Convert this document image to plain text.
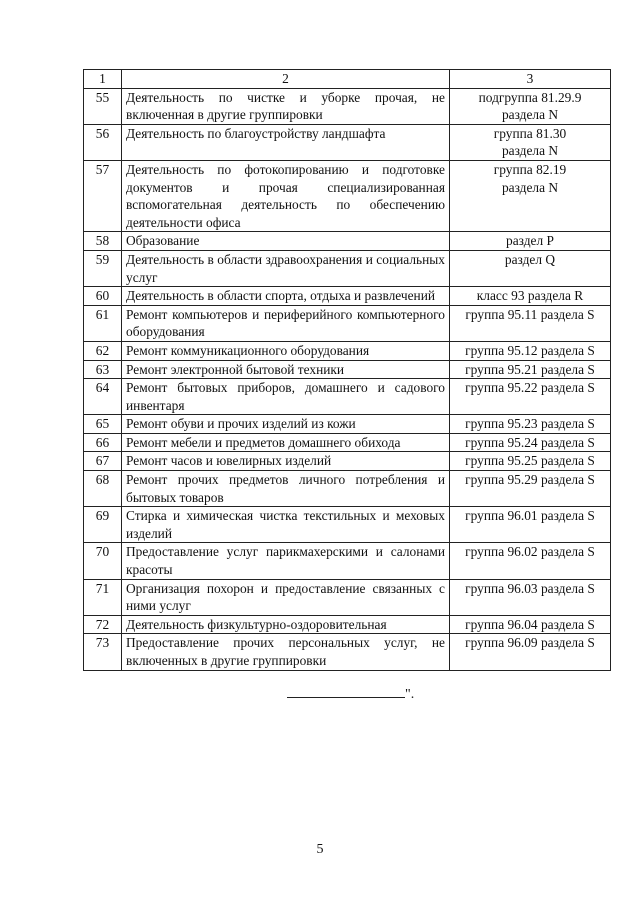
1	2	3
55	Деятельность по чистке и уборке прочая, не включенная в другие группировки	подгруппа 81.29.9
раздела N
56	Деятельность по благоустройству ландшафта	группа 81.30
раздела N
57	Деятельность по фотокопированию и подготовке документов и прочая специализированная вспомогательная деятельность по обеспечению деятельности офиса	группа 82.19
раздела N
58	Образование	раздел P
59	Деятельность в области здравоохранения и социальных услуг	раздел Q
60	Деятельность в области спорта, отдыха и развлечений	класс 93 раздела R
61	Ремонт компьютеров и периферийного компьютерного оборудования	группа 95.11 раздела S
62	Ремонт коммуникационного оборудования	группа 95.12 раздела S
63	Ремонт электронной бытовой техники	группа 95.21 раздела S
64	Ремонт бытовых приборов, домашнего и садового инвентаря	группа 95.22 раздела S
65	Ремонт обуви и прочих изделий из кожи	группа 95.23 раздела S
66	Ремонт мебели и предметов домашнего обихода	группа 95.24 раздела S
67	Ремонт часов и ювелирных изделий	группа 95.25 раздела S
68	Ремонт прочих предметов личного потребления и бытовых товаров	группа 95.29 раздела S
69	Стирка и химическая чистка текстильных и меховых изделий	группа 96.01 раздела S
70	Предоставление услуг парикмахерскими и салонами красоты	группа 96.02 раздела S
71	Организация похорон и предоставление связанных с ними услуг	группа 96.03 раздела S
72	Деятельность физкультурно-оздоровительная	группа 96.04 раздела S
73	Предоставление прочих персональных услуг, не включенных в другие группировки	группа 96.09 раздела S
".
5
